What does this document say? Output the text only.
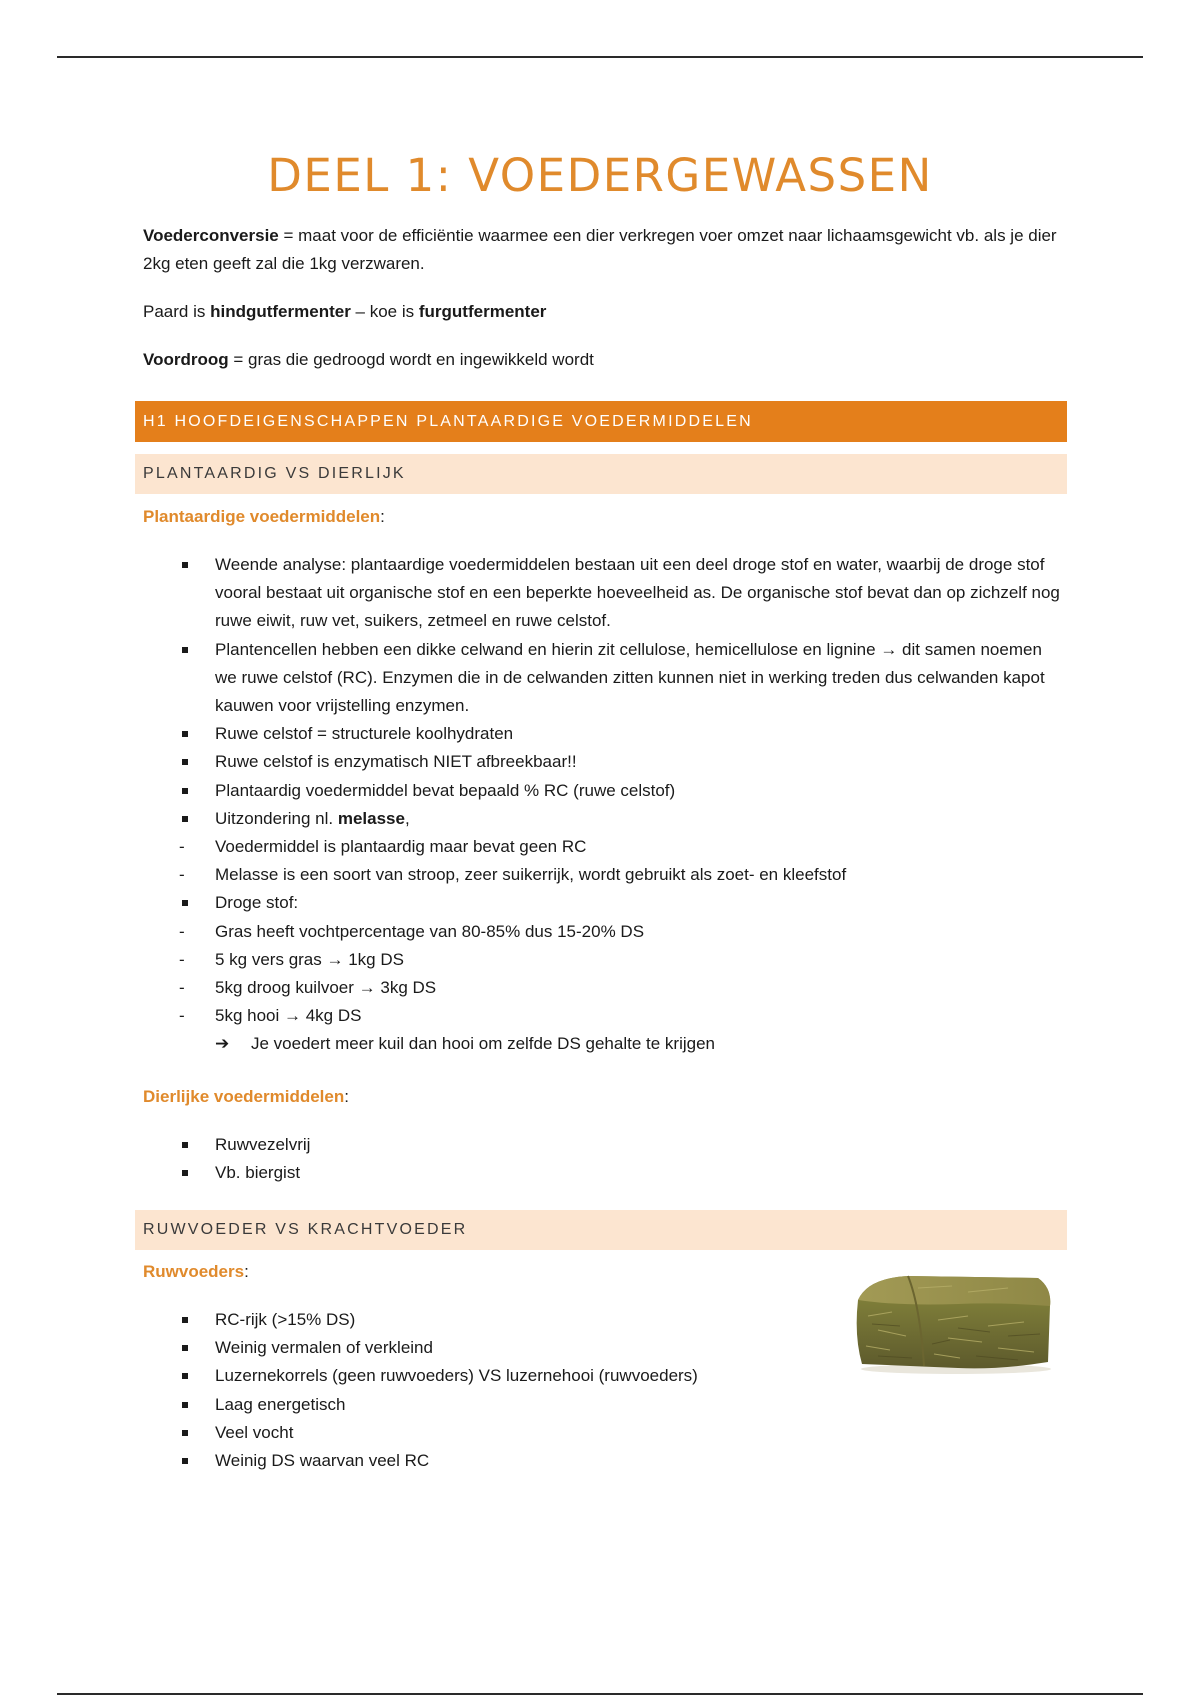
DEEL 1: VOEDERGEWASSEN

Voederconversie = maat voor de efficiëntie waarmee een dier verkregen voer omzet naar lichaamsgewicht vb. als je dier 2kg eten geeft zal die 1kg verzwaren.

Paard is hindgutfermenter – koe is furgutfermenter

Voordroog = gras die gedroogd wordt en ingewikkeld wordt

H1 HOOFDEIGENSCHAPPEN PLANTAARDIGE VOEDERMIDDELEN
PLANTAARDIG VS DIERLIJK
Plantaardige voedermiddelen:
Weende analyse: plantaardige voedermiddelen bestaan uit een deel droge stof en water, waarbij de droge stof vooral bestaat uit organische stof en een beperkte hoeveelheid as. De organische stof bevat dan op zichzelf nog ruwe eiwit, ruw vet, suikers, zetmeel en ruwe celstof.
Plantencellen hebben een dikke celwand en hierin zit cellulose, hemicellulose en lignine → dit samen noemen we ruwe celstof (RC). Enzymen die in de celwanden zitten kunnen niet in werking treden dus celwanden kapot kauwen voor vrijstelling enzymen.
Ruwe celstof = structurele koolhydraten
Ruwe celstof is enzymatisch NIET afbreekbaar!!
Plantaardig voedermiddel bevat bepaald % RC (ruwe celstof)
Uitzondering nl. melasse,
- Voedermiddel is plantaardig maar bevat geen RC
- Melasse is een soort van stroop, zeer suikerrijk, wordt gebruikt als zoet- en kleefstof
Droge stof:
- Gras heeft vochtpercentage van 80-85% dus 15-20% DS
- 5 kg vers gras → 1kg DS
- 5kg droog kuilvoer → 3kg DS
- 5kg hooi → 4kg DS
➔ Je voedert meer kuil dan hooi om zelfde DS gehalte te krijgen
Dierlijke voedermiddelen:
Ruwvezelvrij
Vb. biergist
RUWVOEDER VS KRACHTVOEDER
Ruwvoeders:
RC-rijk (>15% DS)
Weinig vermalen of verkleind
Luzernekorrels (geen ruwvoeders) VS luzernehooi (ruwvoeders)
Laag energetisch
Veel vocht
Weinig DS waarvan veel RC
